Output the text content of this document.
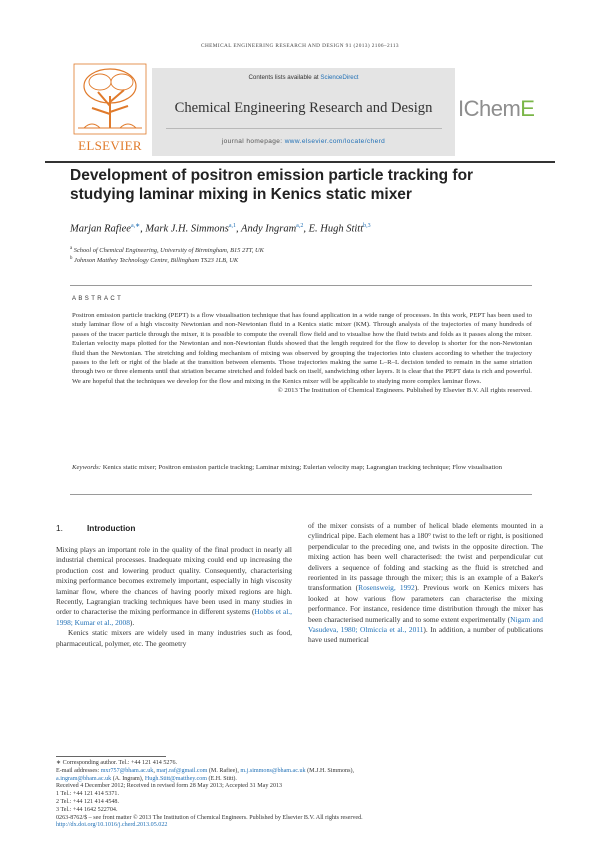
CHEMICAL ENGINEERING RESEARCH AND DESIGN 91 (2013) 2106–2113
ELSEVIER
Contents lists available at ScienceDirect
Chemical Engineering Research and Design
journal homepage: www.elsevier.com/locate/cherd
IChemE
Development of positron emission particle tracking for studying laminar mixing in Kenics static mixer
Marjan Rafiee$^{a,∗}$, Mark J.H. Simmons$^{a,1}$, Andy Ingram$^{a,2}$, E. Hugh Stitt$^{b,3}$
$^a$ School of Chemical Engineering, University of Birmingham, B15 2TT, UK
$^b$ Johnson Matthey Technology Centre, Billingham TS23 1LB, UK
ABSTRACT
Positron emission particle tracking (PEPT) is a flow visualisation technique that has found application in a wide range of processes. In this work, PEPT has been used to study laminar flow of a high viscosity Newtonian and non-Newtonian fluid in a Kenics static mixer (KM). Through analysis of the trajectories of many hundreds of passes of the tracer particle through the mixer, it is possible to compute the overall flow field and to visualise how the fluid twists and folds as it passes along the mixer. Eulerian velocity maps plotted for the Newtonian and non-Newtonian fluids showed that the length required for the flow to develop is shorter for the non-Newtonian fluid than the Newtonian. The stretching and folding mechanism of mixing was observed by grouping the trajectories into clusters according to whether the trajectory passes to the left or right of the blade at the transition between elements. Those trajectories making the same L–R–L decision tended to remain in the same striation through two or three elements until that striation became stretched and folded back on itself, sandwiching other layers. It is clear that the PEPT data is rich and powerful. We are hopeful that the techniques we develop for the flow and mixing in the Kenics mixer will be applicable to studying more complex laminar flows.
© 2013 The Institution of Chemical Engineers. Published by Elsevier B.V. All rights reserved.
Keywords: Kenics static mixer; Positron emission particle tracking; Laminar mixing; Eulerian velocity map; Lagrangian tracking technique; Flow visualisation
1.	Introduction

Mixing plays an important role in the quality of the final product in nearly all industrial chemical processes. Inadequate mixing could end up increasing the production cost and lowering product quality. Consequently, characterising mixing performance becomes extremely important, especially in high viscosity laminar flow, where the chances of having poorly mixed regions are high. Recently, Lagrangian tracking techniques have been used in many studies in order to characterise the mixing performance in different systems (Hobbs et al., 1998; Kumar et al., 2008).

Kenics static mixers are widely used in many industries such as food, pharmaceutical, polymer, etc. The geometry

of the mixer consists of a number of helical blade elements mounted in a cylindrical pipe. Each element has a 180° twist to the left or right, is positioned perpendicular to the preceding one, and twists in the opposite direction. The mixing action has been well characterised: the twist and perpendicular cut delivers a sequence of folding and stacking as the fluid is stretched and reoriented in its passage through the mixer; this is an example of a Baker's transformation (Rosensweig, 1992). Previous work on Kenics mixers has looked at how various flow parameters can characterise the mixing performance. For instance, residence time distribution through the mixer has been characterised numerically and to some extent experimentally (Nigam and Vasudeva, 1980; Olmiccia et al., 2011). In addition, a number of publications have used numerical

∗ Corresponding author. Tel.: +44 121 414 5276.
E-mail addresses: mxr757@bham.ac.uk, marj.raf@gmail.com (M. Rafiee), m.j.simmons@bham.ac.uk (M.J.H. Simmons),
a.ingram@bham.ac.uk (A. Ingram), Hugh.Stitt@matthey.com (E.H. Stitt).
Received 4 December 2012; Received in revised form 28 May 2013; Accepted 31 May 2013
1 Tel.: +44 121 414 5371.
2 Tel.: +44 121 414 4548.
3 Tel.: +44 1642 522704.
0263-8762/$ – see front matter © 2013 The Institution of Chemical Engineers. Published by Elsevier B.V. All rights reserved.
http://dx.doi.org/10.1016/j.cherd.2013.05.022
